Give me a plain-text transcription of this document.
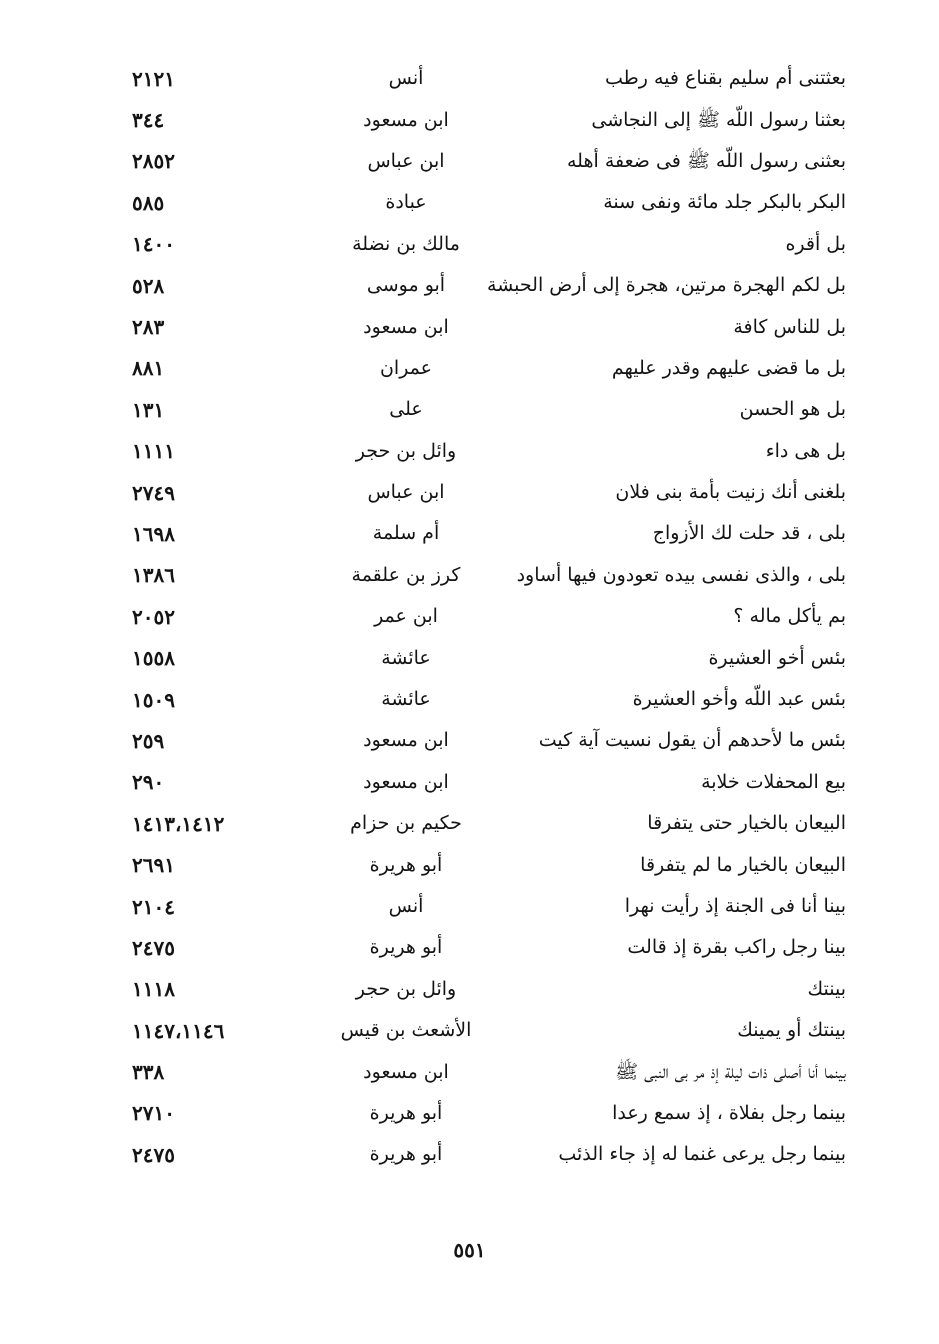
بعثتنى أم سليم بقناع فيه رطب
أنس
٢١٢١
بعثنا رسول اللّه ﷺ إلى النجاشى
ابن مسعود
٣٤٤
بعثنى رسول اللّه ﷺ فى ضعفة أهله
ابن عباس
٢٨٥٢
البكر بالبكر جلد مائة ونفى سنة
عبادة
٥٨٥
بل أقره
مالك بن نضلة
١٤٠٠
بل لكم الهجرة مرتين، هجرة إلى أرض الحبشة
أبو موسى
٥٢٨
بل للناس كافة
ابن مسعود
٢٨٣
بل ما قضى عليهم وقدر عليهم
عمران
٨٨١
بل هو الحسن
على
١٣١
بل هى داء
وائل بن حجر
١١١١
بلغنى أنك زنيت بأمة بنى فلان
ابن عباس
٢٧٤٩
بلى ، قد حلت لك الأزواج
أم سلمة
١٦٩٨
بلى ، والذى نفسى بيده تعودون فيها أساود
كرز بن علقمة
١٣٨٦
بم يأكل ماله ؟
ابن عمر
٢٠٥٢
بئس أخو العشيرة
عائشة
١٥٥٨
بئس عبد اللّه وأخو العشيرة
عائشة
١٥٠٩
بئس ما لأحدهم أن يقول نسيت آية كيت
ابن مسعود
٢٥٩
بيع المحفلات خلابة
ابن مسعود
٢٩٠
البيعان بالخيار حتى يتفرقا
حكيم بن حزام
١٤١٣،١٤١٢
البيعان بالخيار ما لم يتفرقا
أبو هريرة
٢٦٩١
بينا أنا فى الجنة إذ رأيت نهرا
أنس
٢١٠٤
بينا رجل راكب بقرة إذ قالت
أبو هريرة
٢٤٧٥
بينتك
وائل بن حجر
١١١٨
بينتك أو يمينك
الأشعث بن قيس
١١٤٧،١١٤٦
بينما أنا أصلى ذات ليلة إذ مر بى النبى ﷺ
ابن مسعود
٣٣٨
بينما رجل بفلاة ، إذ سمع رعدا
أبو هريرة
٢٧١٠
بينما رجل يرعى غنما له إذ جاء الذئب
أبو هريرة
٢٤٧٥
٥٥١
